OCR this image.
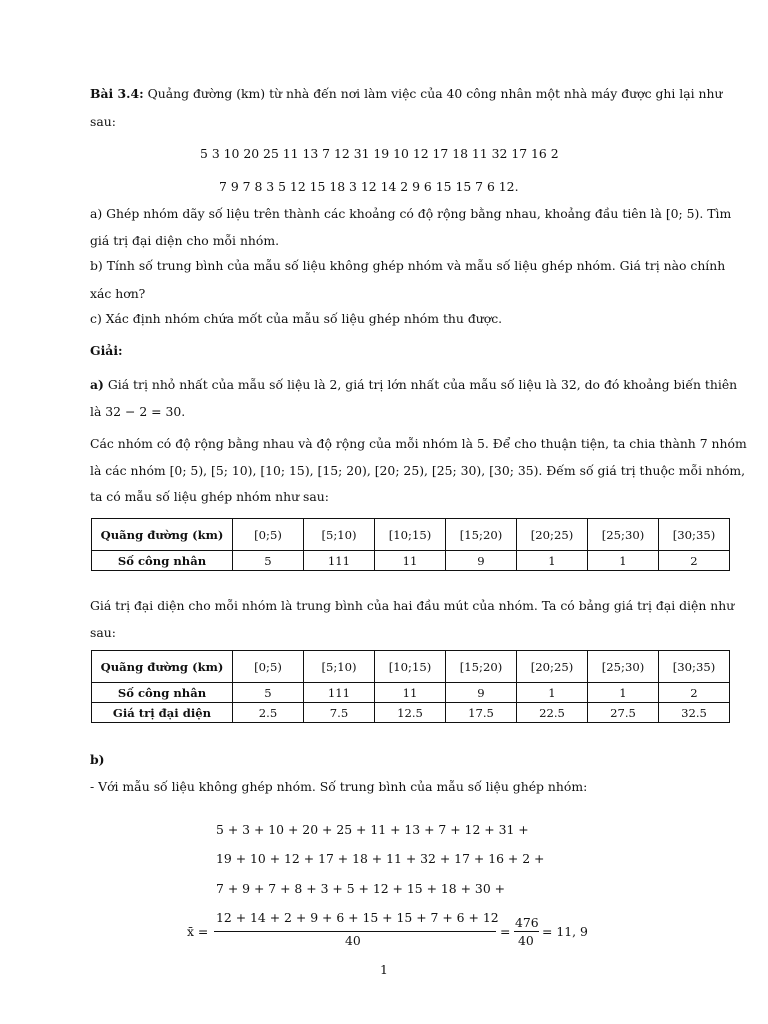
Bài 3.4: Quảng đường (km) từ nhà đến nơi làm việc của 40 công nhân một nhà máy được ghi lại như
sau:
5 3 10 20 25 11 13 7 12 31 19 10 12 17 18 11 32 17 16 2
7 9 7 8 3 5 12 15 18 3 12 14 2 9 6 15 15 7 6 12.
a) Ghép nhóm dãy số liệu trên thành các khoảng có độ rộng bằng nhau, khoảng đầu tiên là [0; 5). Tìm
giá trị đại diện cho mỗi nhóm.
b) Tính số trung bình của mẫu số liệu không ghép nhóm và mẫu số liệu ghép nhóm. Giá trị nào chính
xác hơn?
c) Xác định nhóm chứa mốt của mẫu số liệu ghép nhóm thu được.
Giải:
a) Giá trị nhỏ nhất của mẫu số liệu là 2, giá trị lớn nhất của mẫu số liệu là 32, do đó khoảng biến thiên
là 32 − 2 = 30.
Các nhóm có độ rộng bằng nhau và độ rộng của mỗi nhóm là 5. Để cho thuận tiện, ta chia thành 7 nhóm
là các nhóm [0; 5), [5; 10), [10; 15), [15; 20), [20; 25), [25; 30), [30; 35). Đếm số giá trị thuộc mỗi nhóm,
ta có mẫu số liệu ghép nhóm như sau:
Quãng đường (km)	[0;5)	[5;10)	[10;15)	[15;20)	[20;25)	[25;30)	[30;35)
Số công nhân	5	111	11	9	1	1	2
Giá trị đại diện cho mỗi nhóm là trung bình của hai đầu mút của nhóm. Ta có bảng giá trị đại diện như
sau:
Quãng đường (km)	[0;5)	[5;10)	[10;15)	[15;20)	[20;25)	[25;30)	[30;35)
Số công nhân	5	111	11	9	1	1	2
Giá trị đại diện	2.5	7.5	12.5	17.5	22.5	27.5	32.5
b)
- Với mẫu số liệu không ghép nhóm. Số trung bình của mẫu số liệu ghép nhóm:
5 + 3 + 10 + 20 + 25 + 11 + 13 + 7 + 12 + 31 +
19 + 10 + 12 + 17 + 18 + 11 + 32 + 17 + 16 + 2 +
7 + 9 + 7 + 8 + 3 + 5 + 12 + 15 + 18 + 30 +
12 + 14 + 2 + 9 + 6 + 15 + 15 + 7 + 6 + 12
x̄ =
40
=
476
40
= 11, 9
1
